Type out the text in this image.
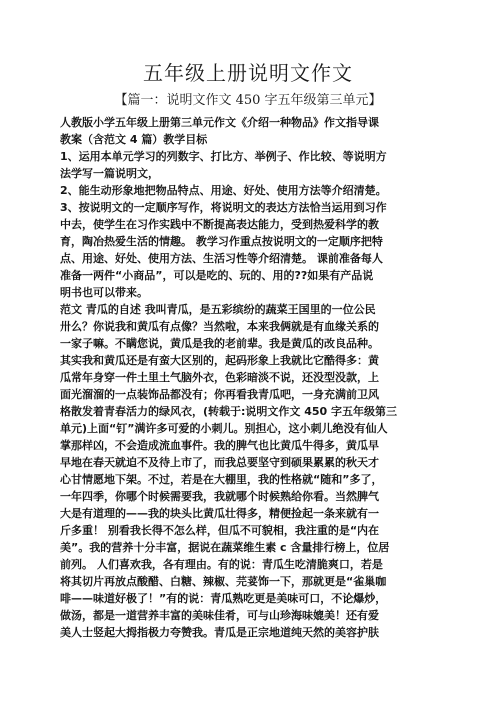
五年级上册说明文作文
【篇一：说明文作文 450 字五年级第三单元】
人教版小学五年级上册第三单元作文《介绍一种物品》作文指导课
教案（含范文 4 篇）教学目标
1、运用本单元学习的列数字、打比方、举例子、作比较、等说明方
法学写一篇说明文，
2、能生动形象地把物品特点、用途、好处、使用方法等介绍清楚。
3、按说明文的一定顺序写作，将说明文的表达方法恰当运用到习作
中去，使学生在习作实践中不断提高表达能力，受到热爱科学的教
育，陶冶热爱生活的情趣。 教学习作重点按说明文的一定顺序把特
点、用途、好处、使用方法、生活习性等介绍清楚。 课前准备每人
准备一两件“小商品”，可以是吃的、玩的、用的??如果有产品说
明书也可以带来。
范文 青瓜的自述 我叫青瓜，是五彩缤纷的蔬菜王国里的一位公民
卅么？你说我和黄瓜有点像？当然啦，本来我俩就是有血缘关系的
一家子嘛。不瞒您说，黄瓜是我的老前辈。我是黄瓜的改良品种。
其实我和黄瓜还是有蛮大区别的，起码形象上我就比它酷得多：黄
瓜常年身穿一件土里土气脑外衣，色彩暗淡不说，还没型没款，上
面光溜溜的一点装饰品都没有；你再看我青瓜吧，一身充满前卫风
格散发着青春活力的绿风衣，(转载于:说明文作文 450 字五年级第三
单元)上面“钉”满许多可爱的小刺儿。别担心，这小刺儿绝没有仙人
掌那样凶，不会造成流血事件。我的脾气也比黄瓜牛得多，黄瓜早
早地在春天就迫不及待上市了，而我总要坚守到硕果累累的秋天才
心甘情愿地下架。不过，若是在大棚里，我的性格就“随和”多了，
一年四季，你哪个时候需要我，我就哪个时候熟给你看。当然脾气
大是有道理的——我的块头比黄瓜壮得多，精便捡起一条来就有一
斤多重！ 别看我长得不怎么样，但瓜不可貌相，我注重的是“内在
美”。我的营养十分丰富，据说在蔬菜维生素 c 含量排行榜上，位居
前列。 人们喜欢我，各有理由。有的说：青瓜生吃清脆爽口，若是
将其切片再放点酸醋、白糖、辣椒、芫荽饰一下，那就更是“雀巢咖
啡——味道好极了！”有的说：青瓜熟吃更是美味可口，不论爆炒，
做汤，都是一道营养丰富的美味佳肴，可与山珍海味媲美！还有爱
美人士竖起大拇指极力夸赞我。青瓜是正宗地道纯天然的美容护肤
